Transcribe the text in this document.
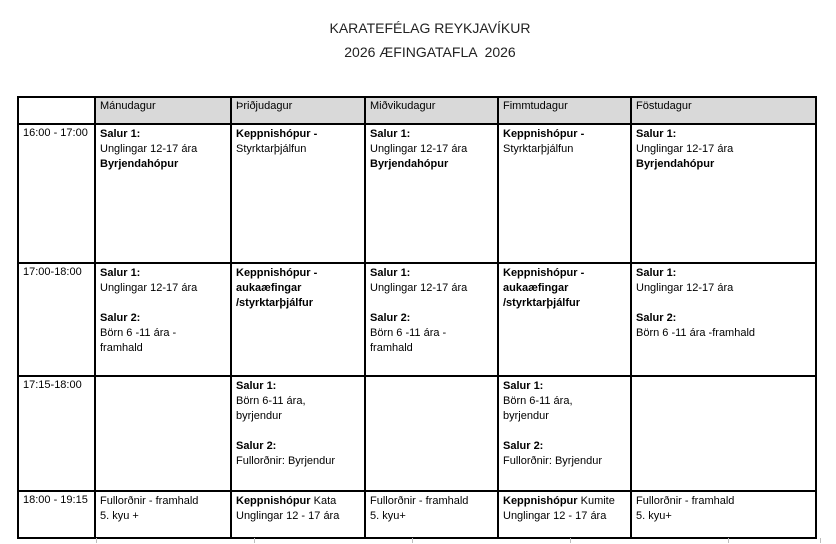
KARATEFÉLAG REYKJAVÍKUR
2026 ÆFINGATAFLA  2026
	Mánudagur	Þriðjudagur	Miðvikudagur	Fimmtudagur	Föstudagur
16:00 - 17:00	Salur 1:
Unglingar 12-17 ára
Byrjendahópur	Keppnishópur -
Styrktarþjálfun	Salur 1:
Unglingar 12-17 ára
Byrjendahópur	Keppnishópur -
Styrktarþjálfun	Salur 1:
Unglingar 12-17 ára
Byrjendahópur

17:00-18:00	Salur 1:
Unglingar 12-17 ára
Salur 2:
Börn 6 -11 ára -
framhald	Keppnishópur -
aukaæfingar
/styrktarþjálfur	Salur 1:
Unglingar 12-17 ára
Salur 2:
Börn 6 -11 ára -
framhald	Keppnishópur -
aukaæfingar
/styrktarþjálfur	Salur 1:
Unglingar 12-17 ára
Salur 2:
Börn 6 -11 ára -framhald

17:15-18:00		Salur 1:
Börn 6-11 ára,
byrjendur
Salur 2:
Fullorðnir: Byrjendur		Salur 1:
Börn 6-11 ára,
byrjendur
Salur 2:
Fullorðnir: Byrjendur	

18:00 - 19:15	Fullorðnir - framhald
5. kyu +	Keppnishópur Kata
Unglingar 12 - 17 ára	Fullorðnir - framhald
5. kyu+	Keppnishópur Kumite
Unglingar 12 - 17 ára	Fullorðnir - framhald
5. kyu+
